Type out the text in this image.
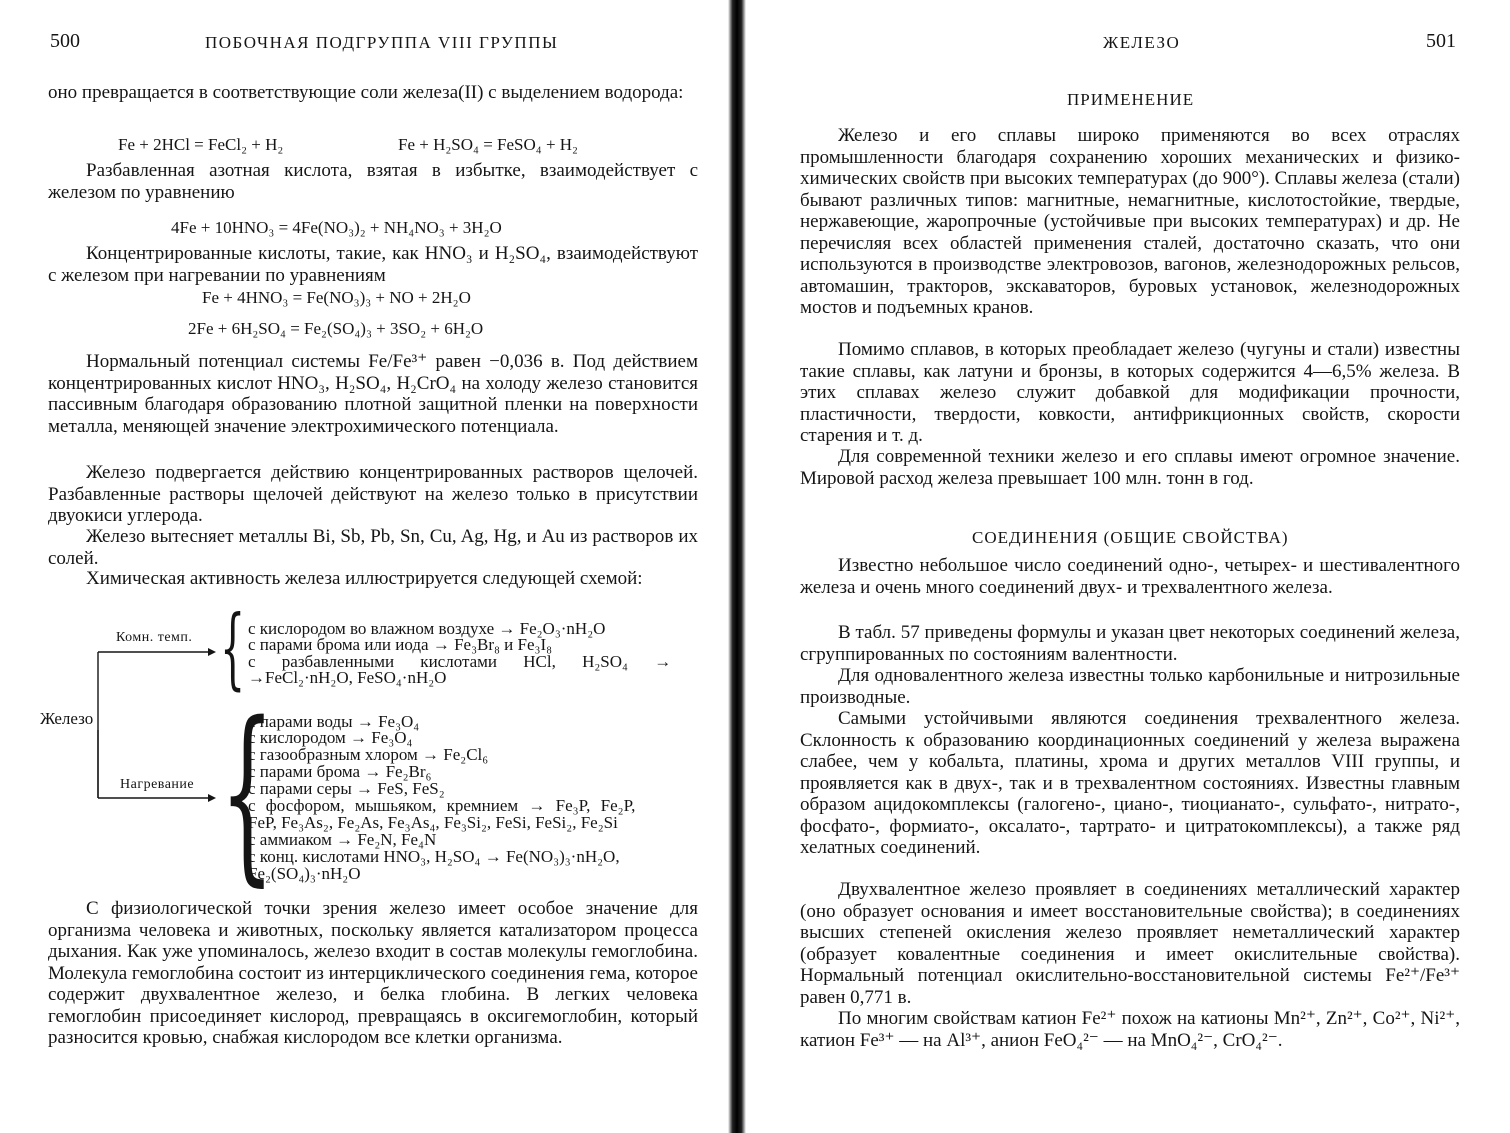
500	ПОБОЧНАЯ ПОДГРУППА VIII ГРУППЫ

оно превращается в соответствующие соли железа(II) с выделением водорода:

Fe + 2HCl = FeCl₂ + H₂	Fe + H₂SO₄ = FeSO₄ + H₂

Разбавленная азотная кислота, взятая в избытке, взаимодействует с железом по уравнению

4Fe + 10HNO₃ = 4Fe(NO₃)₂ + NH₄NO₃ + 3H₂O

Концентрированные кислоты, такие, как HNO₃ и H₂SO₄, взаимодействуют с железом при нагревании по уравнениям

Fe + 4HNO₃ = Fe(NO₃)₃ + NO + 2H₂O
2Fe + 6H₂SO₄ = Fe₂(SO₄)₃ + 3SO₂ + 6H₂O

Нормальный потенциал системы Fe/Fe³⁺ равен −0,036 в. Под действием концентрированных кислот HNO₃, H₂SO₄, H₂CrO₄ на холоду железо становится пассивным благодаря образованию плотной защитной пленки на поверхности металла, меняющей значение электрохимического потенциала.

Железо подвергается действию концентрированных растворов щелочей. Разбавленные растворы щелочей действуют на железо только в присутствии двуокиси углерода.

Железо вытесняет металлы Bi, Sb, Pb, Sn, Cu, Ag, Hg, и Au из растворов их солей.

Химическая активность железа иллюстрируется следующей схемой:

Железо
Комн. темп.
Нагревание
{
{
с кислородом во влажном воздухе → Fe₂O₃·nH₂O
с парами брома или иода → Fe₃Br₈ и Fe₃I₈
с разбавленными кислотами HCl, H₂SO₄ →
→FeCl₂·nH₂O, FeSO₄·nH₂O
с парами воды → Fe₃O₄
с кислородом → Fe₃O₄
с газообразным хлором → Fe₂Cl₆
с парами брома → Fe₂Br₆
с парами серы → FeS, FeS₂
с фосфором, мышьяком, кремнием → Fe₃P, Fe₂P,
FeP, Fe₃As₂, Fe₂As, Fe₃As₄, Fe₃Si₂, FeSi, FeSi₂, Fe₂Si
с аммиаком → Fe₂N, Fe₄N
с конц. кислотами HNO₃, H₂SO₄ → Fe(NO₃)₃·nH₂O,
Fe₂(SO₄)₃·nH₂O

С физиологической точки зрения железо имеет особое значение для организма человека и животных, поскольку является катализатором процесса дыхания. Как уже упоминалось, железо входит в состав молекулы гемоглобина. Молекула гемоглобина состоит из интерциклического соединения гема, которое содержит двухвалентное железо, и белка глобина. В легких человека гемоглобин присоединяет кислород, превращаясь в оксигемоглобин, который разносится кровью, снабжая кислородом все клетки организма.

ЖЕЛЕЗО	501
ПРИМЕНЕНИЕ

Железо и его сплавы широко применяются во всех отраслях промышленности благодаря сохранению хороших механических и физико-химических свойств при высоких температурах (до 900°). Сплавы железа (стали) бывают различных типов: магнитные, немагнитные, кислотостойкие, твердые, нержавеющие, жаропрочные (устойчивые при высоких температурах) и др. Не перечисляя всех областей применения сталей, достаточно сказать, что они используются в производстве электровозов, вагонов, железнодорожных рельсов, автомашин, тракторов, экскаваторов, буровых установок, железнодорожных мостов и подъемных кранов.

Помимо сплавов, в которых преобладает железо (чугуны и стали) известны такие сплавы, как латуни и бронзы, в которых содержится 4—6,5% железа. В этих сплавах железо служит добавкой для модификации прочности, пластичности, твердости, ковкости, антифрикционных свойств, скорости старения и т. д.

Для современной техники железо и его сплавы имеют огромное значение. Мировой расход железа превышает 100 млн. тонн в год.

СОЕДИНЕНИЯ (ОБЩИЕ СВОЙСТВА)

Известно небольшое число соединений одно-, четырех- и шестивалентного железа и очень много соединений двух- и трехвалентного железа.

В табл. 57 приведены формулы и указан цвет некоторых соединений железа, сгруппированных по состояниям валентности.

Для одновалентного железа известны только карбонильные и нитрозильные производные.

Самыми устойчивыми являются соединения трехвалентного железа. Склонность к образованию координационных соединений у железа выражена слабее, чем у кобальта, платины, хрома и других металлов VIII группы, и проявляется как в двух-, так и в трехвалентном состояниях. Известны главным образом ацидокомплексы (галогено-, циано-, тиоцианато-, сульфато-, нитрато-, фосфато-, формиато-, оксалато-, тартрато- и цитратокомплексы), а также ряд хелатных соединений.

Двухвалентное железо проявляет в соединениях металлический характер (оно образует основания и имеет восстановительные свойства); в соединениях высших степеней окисления железо проявляет неметаллический характер (образует ковалентные соединения и имеет окислительные свойства). Нормальный потенциал окислительно-восстановительной системы Fe²⁺/Fe³⁺ равен 0,771 в.

По многим свойствам катион Fe²⁺ похож на катионы Mn²⁺, Zn²⁺, Co²⁺, Ni²⁺, катион Fe³⁺ — на Al³⁺, анион FeO₄²⁻ — на MnO₄²⁻, CrO₄²⁻.
